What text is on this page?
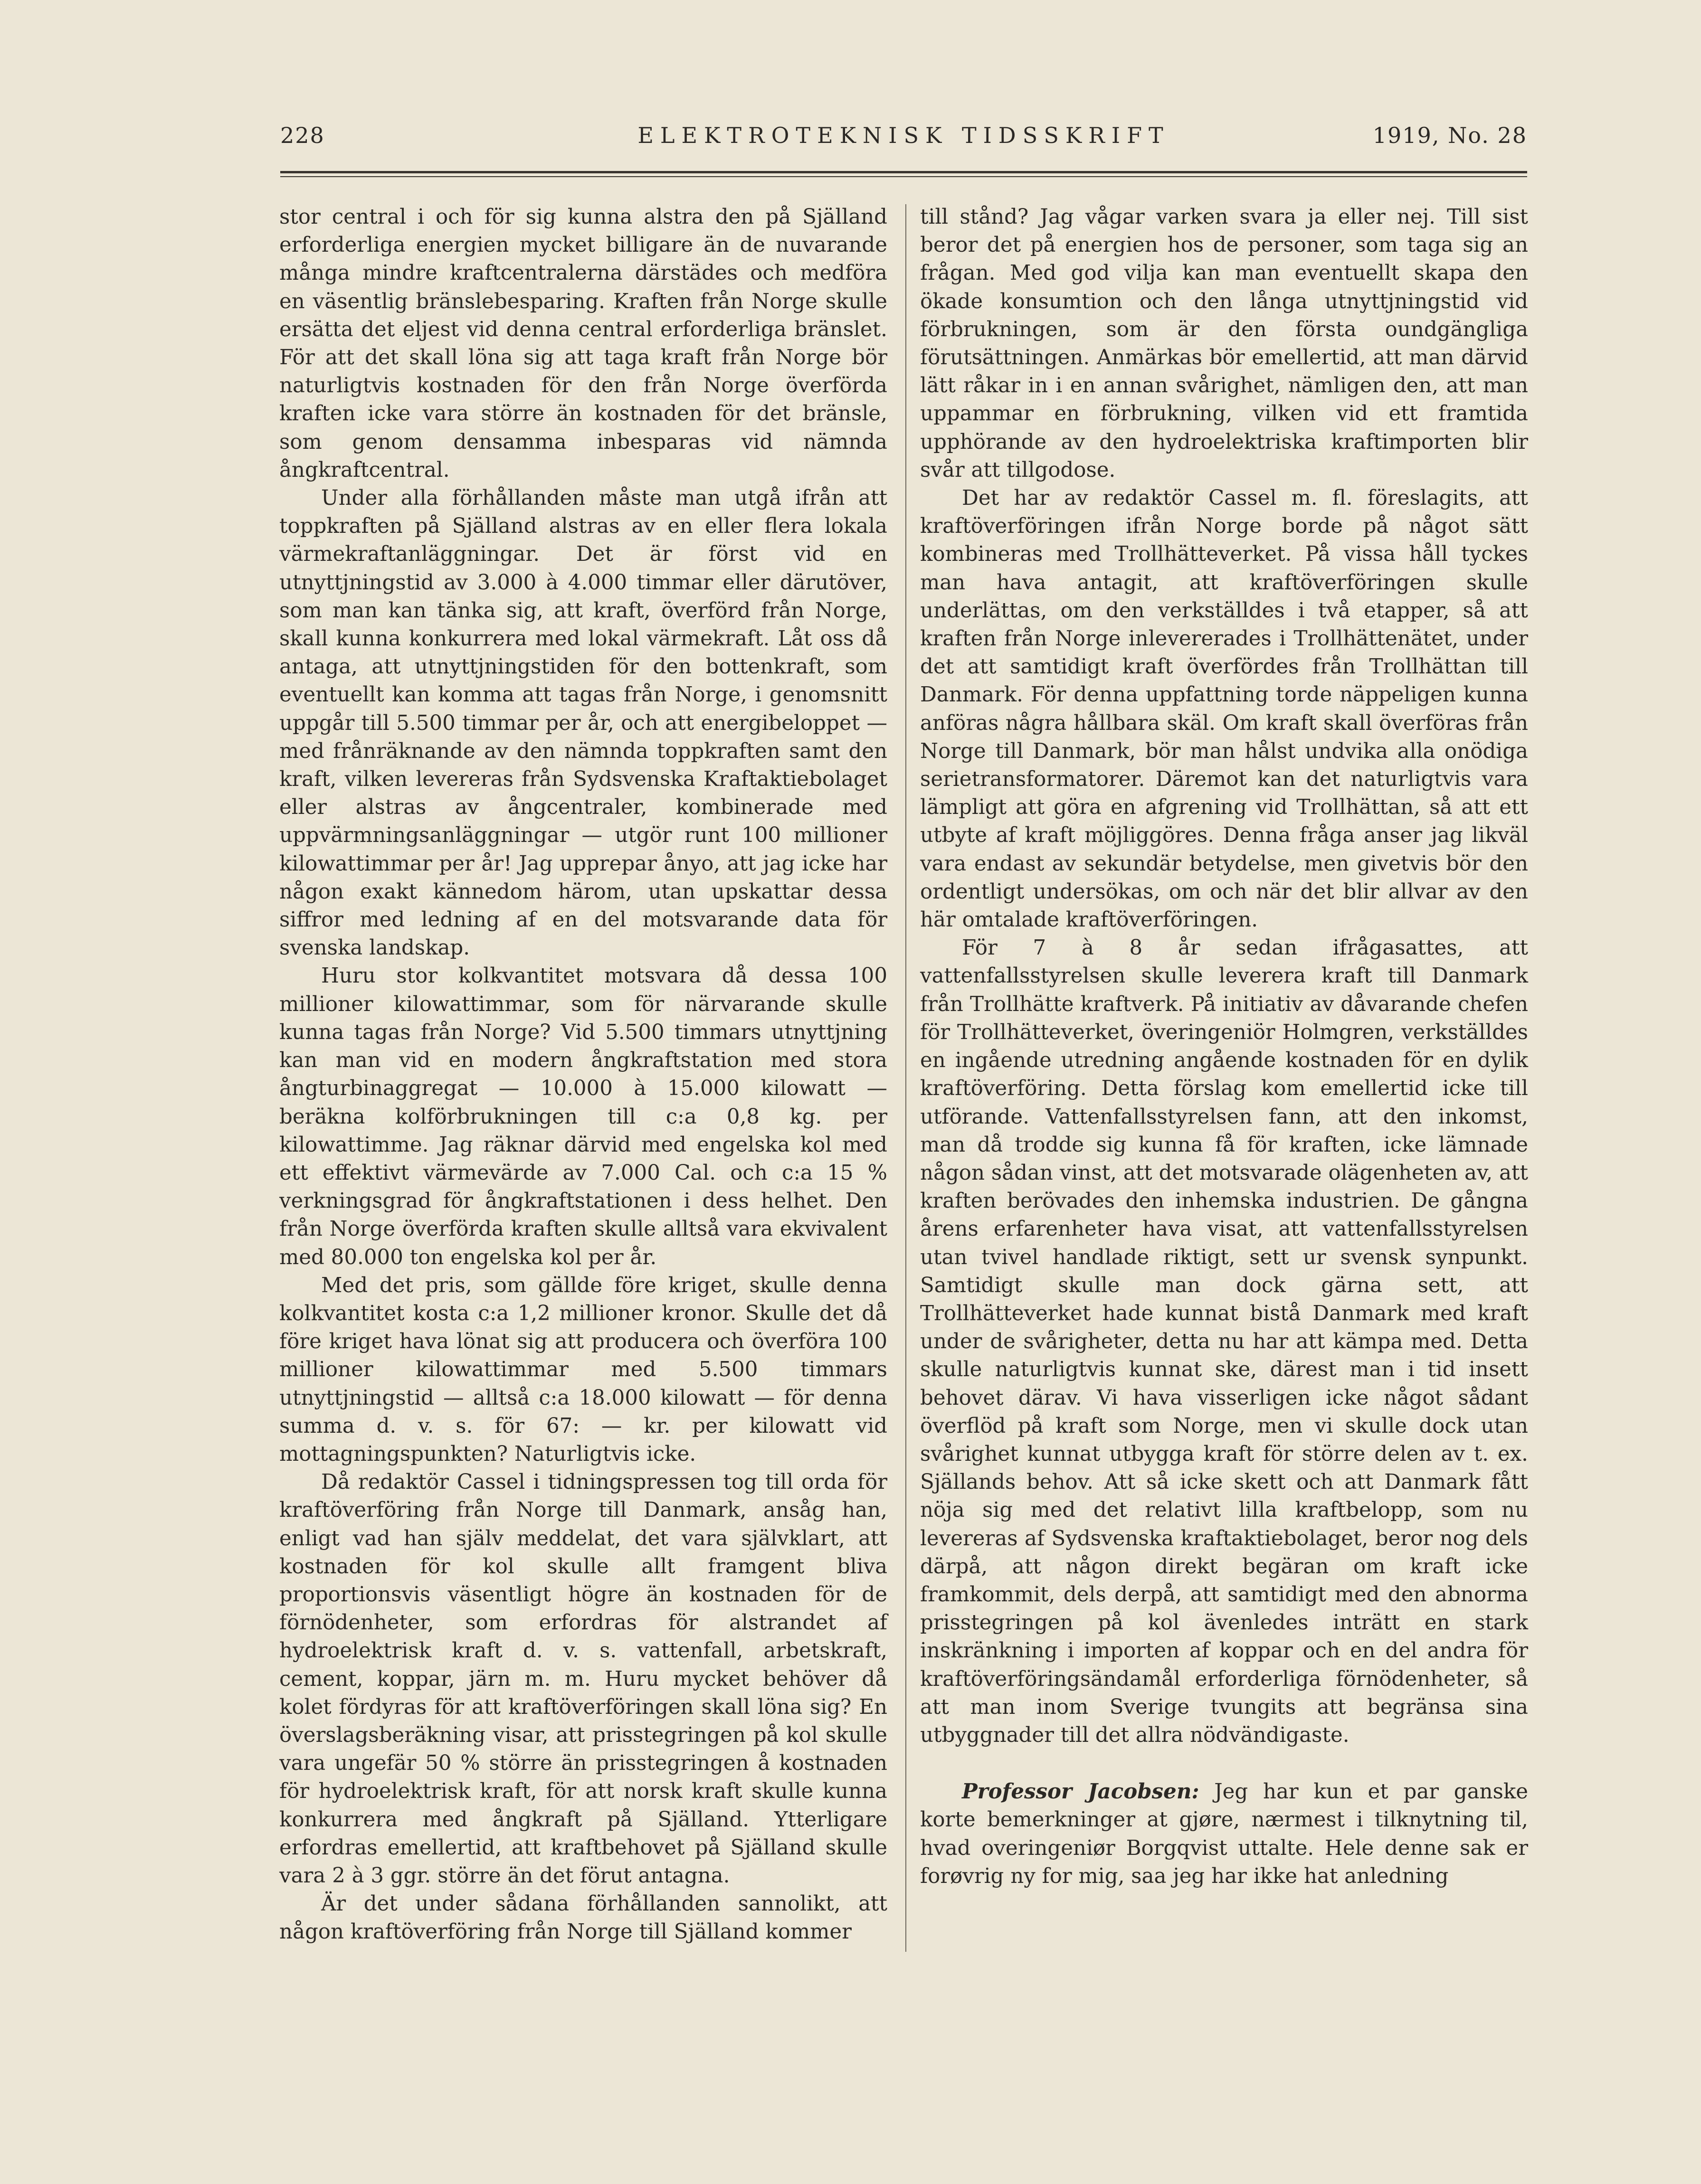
228	ELEKTROTEKNISK TIDSSKRIFT	1919, No. 28

stor central i och för sig kunna alstra den på Själland erforderliga energien mycket billigare än de nuvarande många mindre kraftcentralerna därstädes och medföra en väsentlig bränslebesparing. Kraften från Norge skulle ersätta det eljest vid denna central erforderliga bränslet. För att det skall löna sig att taga kraft från Norge bör naturligtvis kostnaden för den från Norge överförda kraften icke vara större än kostnaden för det bränsle, som genom densamma inbesparas vid nämnda ångkraftcentral.

Under alla förhållanden måste man utgå ifrån att toppkraften på Själland alstras av en eller flera lokala värmekraftanläggningar. Det är först vid en utnyttjningstid av 3.000 à 4.000 timmar eller därutöver, som man kan tänka sig, att kraft, överförd från Norge, skall kunna konkurrera med lokal värmekraft. Låt oss då antaga, att utnyttjningstiden för den bottenkraft, som eventuellt kan komma att tagas från Norge, i genomsnitt uppgår till 5.500 timmar per år, och att energibeloppet — med frånräknande av den nämnda toppkraften samt den kraft, vilken levereras från Sydsvenska Kraftaktiebolaget eller alstras av ångcentraler, kombinerade med uppvärmningsanläggningar — utgör runt 100 millioner kilowattimmar per år! Jag upprepar ånyo, att jag icke har någon exakt kännedom härom, utan upskattar dessa siffror med ledning af en del motsvarande data för svenska landskap.

Huru stor kolkvantitet motsvara då dessa 100 millioner kilowattimmar, som för närvarande skulle kunna tagas från Norge? Vid 5.500 timmars utnyttjning kan man vid en modern ångkraftstation med stora ångturbinaggregat — 10.000 à 15.000 kilowatt — beräkna kolförbrukningen till c:a 0,8 kg. per kilowattimme. Jag räknar därvid med engelska kol med ett effektivt värmevärde av 7.000 Cal. och c:a 15 % verkningsgrad för ångkraftstationen i dess helhet. Den från Norge överförda kraften skulle alltså vara ekvivalent med 80.000 ton engelska kol per år.

Med det pris, som gällde före kriget, skulle denna kolkvantitet kosta c:a 1,2 millioner kronor. Skulle det då före kriget hava lönat sig att producera och överföra 100 millioner kilowattimmar med 5.500 timmars utnyttjningstid — alltså c:a 18.000 kilowatt — för denna summa d. v. s. för 67: — kr. per kilowatt vid mottagningspunkten? Naturligtvis icke.

Då redaktör Cassel i tidningspressen tog till orda för kraftöverföring från Norge till Danmark, ansåg han, enligt vad han själv meddelat, det vara självklart, att kostnaden för kol skulle allt framgent bliva proportionsvis väsentligt högre än kostnaden för de förnödenheter, som erfordras för alstrandet af hydroelektrisk kraft d. v. s. vattenfall, arbetskraft, cement, koppar, järn m. m. Huru mycket behöver då kolet fördyras för att kraftöverföringen skall löna sig? En överslagsberäkning visar, att prisstegringen på kol skulle vara ungefär 50 % större än prisstegringen å kostnaden för hydroelektrisk kraft, för att norsk kraft skulle kunna konkurrera med ångkraft på Själland. Ytterligare erfordras emellertid, att kraftbehovet på Själland skulle vara 2 à 3 ggr. större än det förut antagna.

Är det under sådana förhållanden sannolikt, att någon kraftöverföring från Norge till Själland kommer

till stånd? Jag vågar varken svara ja eller nej. Till sist beror det på energien hos de personer, som taga sig an frågan. Med god vilja kan man eventuellt skapa den ökade konsumtion och den långa utnyttjningstid vid förbrukningen, som är den första oundgängliga förutsättningen. Anmärkas bör emellertid, att man därvid lätt råkar in i en annan svårighet, nämligen den, att man uppammar en förbrukning, vilken vid ett framtida upphörande av den hydroelektriska kraftimporten blir svår att tillgodose.

Det har av redaktör Cassel m. fl. föreslagits, att kraftöverföringen ifrån Norge borde på något sätt kombineras med Trollhätteverket. På vissa håll tyckes man hava antagit, att kraftöverföringen skulle underlättas, om den verkställdes i två etapper, så att kraften från Norge inlevererades i Trollhättenätet, under det att samtidigt kraft överfördes från Trollhättan till Danmark. För denna uppfattning torde näppeligen kunna anföras några hållbara skäl. Om kraft skall överföras från Norge till Danmark, bör man hålst undvika alla onödiga serietransformatorer. Däremot kan det naturligtvis vara lämpligt att göra en afgrening vid Trollhättan, så att ett utbyte af kraft möjliggöres. Denna fråga anser jag likväl vara endast av sekundär betydelse, men givetvis bör den ordentligt undersökas, om och när det blir allvar av den här omtalade kraftöverföringen.

För 7 à 8 år sedan ifrågasattes, att vattenfallsstyrelsen skulle leverera kraft till Danmark från Trollhätte kraftverk. På initiativ av dåvarande chefen för Trollhätteverket, överingeniör Holmgren, verkställdes en ingående utredning angående kostnaden för en dylik kraftöverföring. Detta förslag kom emellertid icke till utförande. Vattenfallsstyrelsen fann, att den inkomst, man då trodde sig kunna få för kraften, icke lämnade någon sådan vinst, att det motsvarade olägenheten av, att kraften berövades den inhemska industrien. De gångna årens erfarenheter hava visat, att vattenfallsstyrelsen utan tvivel handlade riktigt, sett ur svensk synpunkt. Samtidigt skulle man dock gärna sett, att Trollhätteverket hade kunnat bistå Danmark med kraft under de svårigheter, detta nu har att kämpa med. Detta skulle naturligtvis kunnat ske, därest man i tid insett behovet därav. Vi hava visserligen icke något sådant överflöd på kraft som Norge, men vi skulle dock utan svårighet kunnat utbygga kraft för större delen av t. ex. Själlands behov. Att så icke skett och att Danmark fått nöja sig med det relativt lilla kraftbelopp, som nu levereras af Sydsvenska kraftaktiebolaget, beror nog dels därpå, att någon direkt begäran om kraft icke framkommit, dels derpå, att samtidigt med den abnorma prisstegringen på kol ävenledes inträtt en stark inskränkning i importen af koppar och en del andra för kraftöverföringsändamål erforderliga förnödenheter, så att man inom Sverige tvungits att begränsa sina utbyggnader till det allra nödvändigaste.

Professor Jacobsen: Jeg har kun et par ganske korte bemerkninger at gjøre, nærmest i tilknytning til, hvad overingeniør Borgqvist uttalte. Hele denne sak er forøvrig ny for mig, saa jeg har ikke hat anledning
